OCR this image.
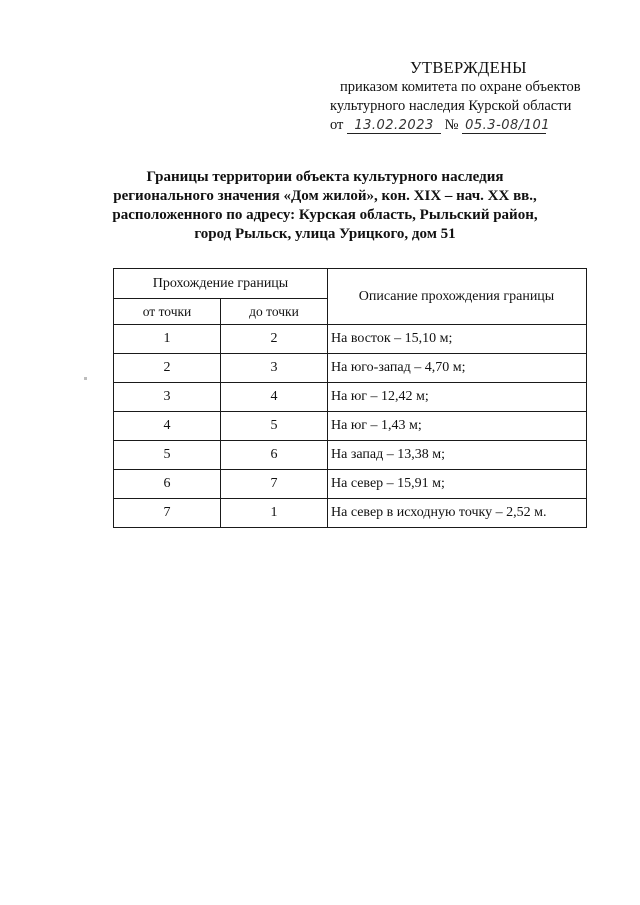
УТВЕРЖДЕНЫ
приказом комитета по охране объектов
культурного наследия Курской области
от 13.02.2023 № 05.3-08/101
Границы территории объекта культурного наследия
регионального значения «Дом жилой», кон. XIX – нач. XX вв.,
расположенного по адресу: Курская область, Рыльский район,
город Рыльск, улица Урицкого, дом 51
Прохождение границы		Описание прохождения границы
от точки	до точки	
1	2	На восток – 15,10 м;
2	3	На юго-запад – 4,70 м;
3	4	На юг – 12,42 м;
4	5	На юг – 1,43 м;
5	6	На запад – 13,38 м;
6	7	На север – 15,91 м;
7	1	На север в исходную точку – 2,52 м.
